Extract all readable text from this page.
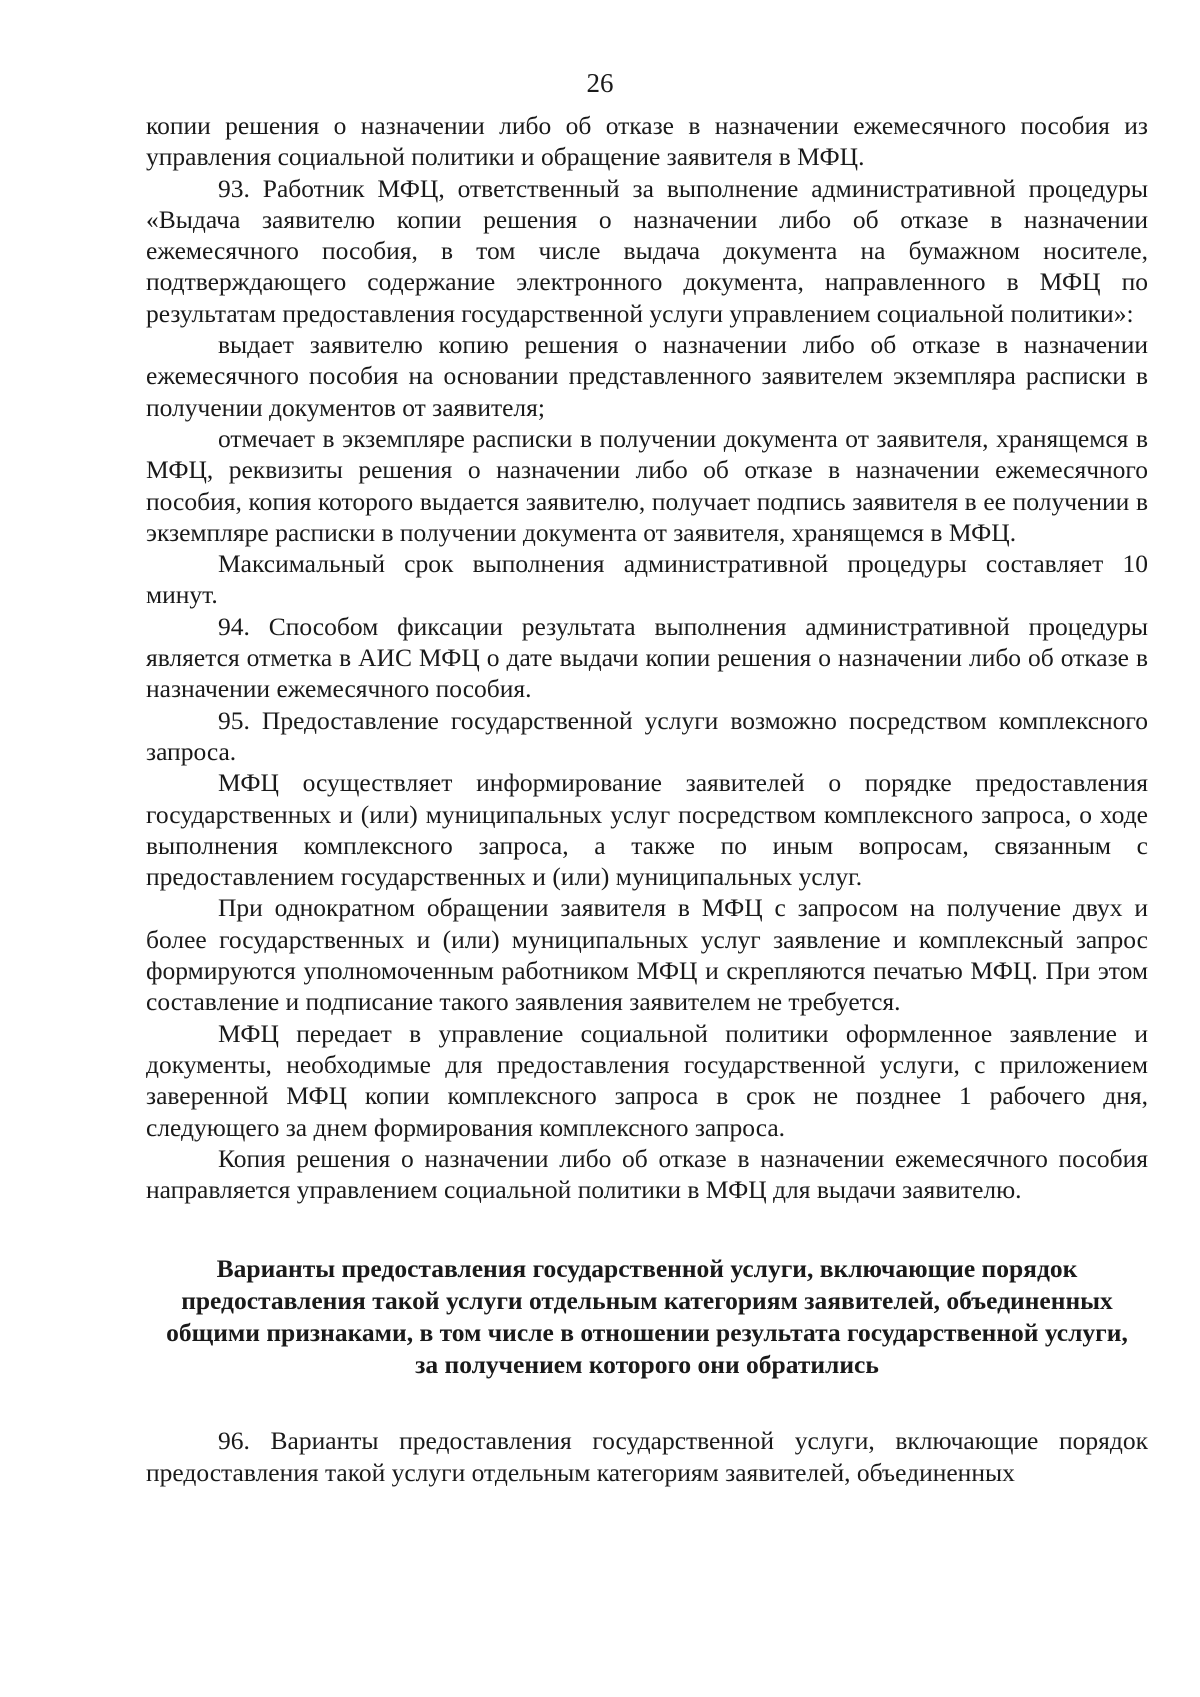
26

копии решения о назначении либо об отказе в назначении ежемесячного пособия из управления социальной политики и обращение заявителя в МФЦ.

93. Работник МФЦ, ответственный за выполнение административной процедуры «Выдача заявителю копии решения о назначении либо об отказе в назначении ежемесячного пособия, в том числе выдача документа на бумажном носителе, подтверждающего содержание электронного документа, направленного в МФЦ по результатам предоставления государственной услуги управлением социальной политики»:

выдает заявителю копию решения о назначении либо об отказе в назначении ежемесячного пособия на основании представленного заявителем экземпляра расписки в получении документов от заявителя;

отмечает в экземпляре расписки в получении документа от заявителя, хранящемся в МФЦ, реквизиты решения о назначении либо об отказе в назначении ежемесячного пособия, копия которого выдается заявителю, получает подпись заявителя в ее получении в экземпляре расписки в получении документа от заявителя, хранящемся в МФЦ.

Максимальный срок выполнения административной процедуры составляет 10 минут.

94. Способом фиксации результата выполнения административной процедуры является отметка в АИС МФЦ о дате выдачи копии решения о назначении либо об отказе в назначении ежемесячного пособия.

95. Предоставление государственной услуги возможно посредством комплексного запроса.

МФЦ осуществляет информирование заявителей о порядке предоставления государственных и (или) муниципальных услуг посредством комплексного запроса, о ходе выполнения комплексного запроса, а также по иным вопросам, связанным с предоставлением государственных и (или) муниципальных услуг.

При однократном обращении заявителя в МФЦ с запросом на получение двух и более государственных и (или) муниципальных услуг заявление и комплексный запрос формируются уполномоченным работником МФЦ и скрепляются печатью МФЦ. При этом составление и подписание такого заявления заявителем не требуется.

МФЦ передает в управление социальной политики оформленное заявление и документы, необходимые для предоставления государственной услуги, с приложением заверенной МФЦ копии комплексного запроса в срок не позднее 1 рабочего дня, следующего за днем формирования комплексного запроса.

Копия решения о назначении либо об отказе в назначении ежемесячного пособия направляется управлением социальной политики в МФЦ для выдачи заявителю.

Варианты предоставления государственной услуги, включающие порядок предоставления такой услуги отдельным категориям заявителей, объединенных общими признаками, в том числе в отношении результата государственной услуги, за получением которого они обратились

96. Варианты предоставления государственной услуги, включающие порядок предоставления такой услуги отдельным категориям заявителей, объединенных
